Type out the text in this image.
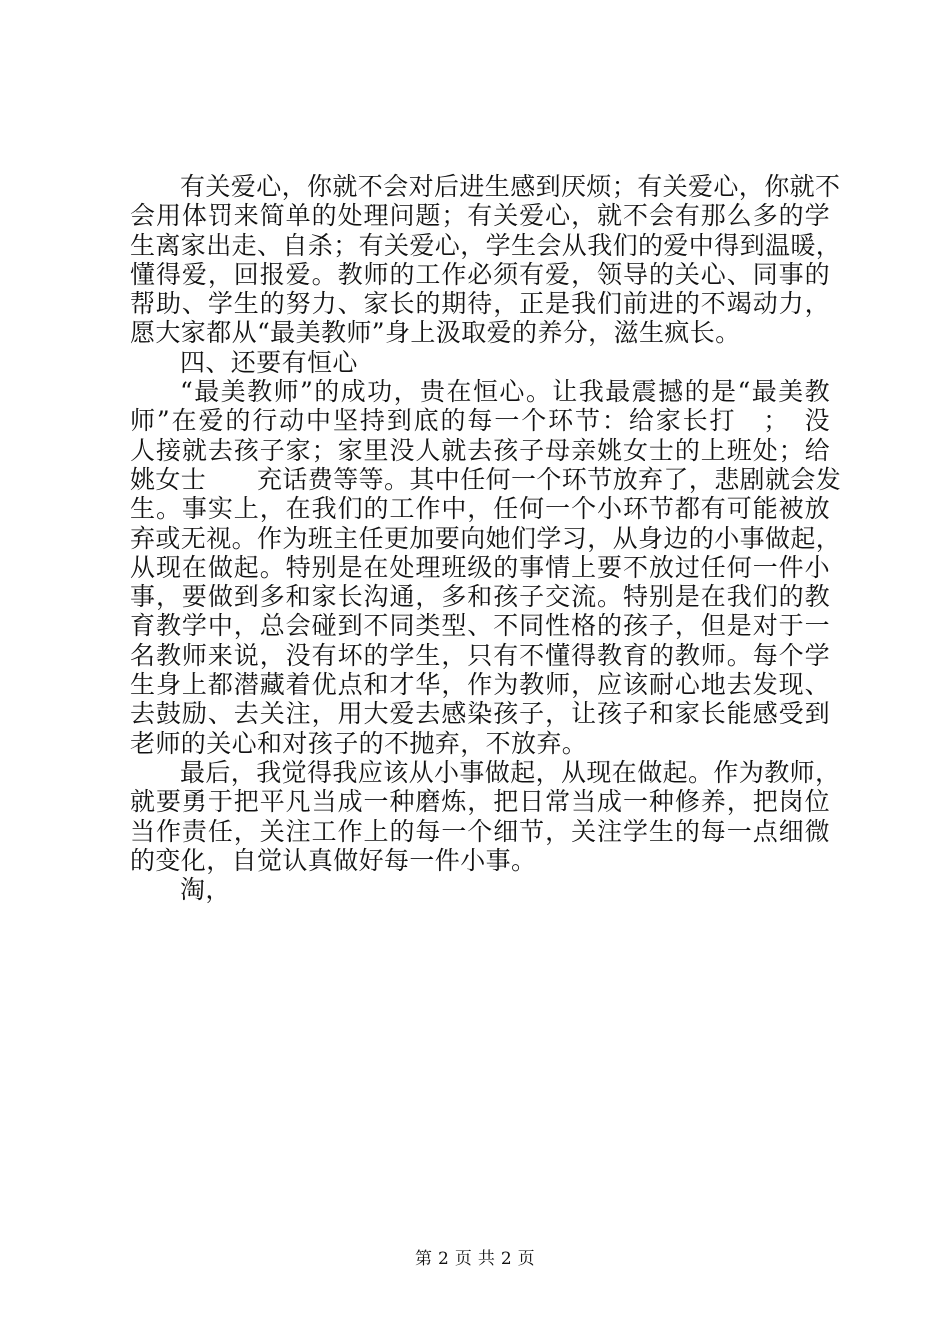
有关爱心，你就不会对后进生感到厌烦；有关爱心，你就不
会用体罚来简单的处理问题；有关爱心，就不会有那么多的学
生离家出走、自杀；有关爱心，学生会从我们的爱中得到温暖，
懂得爱，回报爱。教师的工作必须有爱，领导的关心、同事的
帮助、学生的努力、家长的期待，正是我们前进的不竭动力，
愿大家都从“最美教师”身上汲取爱的养分，滋生疯长。
四、还要有恒心
“最美教师”的成功，贵在恒心。让我最震撼的是“最美教
师”在爱的行动中坚持到底的每一个环节：给家长打　；　没
人接就去孩子家；家里没人就去孩子母亲姚女士的上班处；给
姚女士　　充话费等等。其中任何一个环节放弃了，悲剧就会发
生。事实上，在我们的工作中，任何一个小环节都有可能被放
弃或无视。作为班主任更加要向她们学习，从身边的小事做起，
从现在做起。特别是在处理班级的事情上要不放过任何一件小
事，要做到多和家长沟通，多和孩子交流。特别是在我们的教
育教学中，总会碰到不同类型、不同性格的孩子，但是对于一
名教师来说，没有坏的学生，只有不懂得教育的教师。每个学
生身上都潜藏着优点和才华，作为教师，应该耐心地去发现、
去鼓励、去关注，用大爱去感染孩子，让孩子和家长能感受到
老师的关心和对孩子的不抛弃，不放弃。
最后，我觉得我应该从小事做起，从现在做起。作为教师，
就要勇于把平凡当成一种磨炼，把日常当成一种修养，把岗位
当作责任，关注工作上的每一个细节，关注学生的每一点细微
的变化，自觉认真做好每一件小事。
淘，
第 2 页 共 2 页
